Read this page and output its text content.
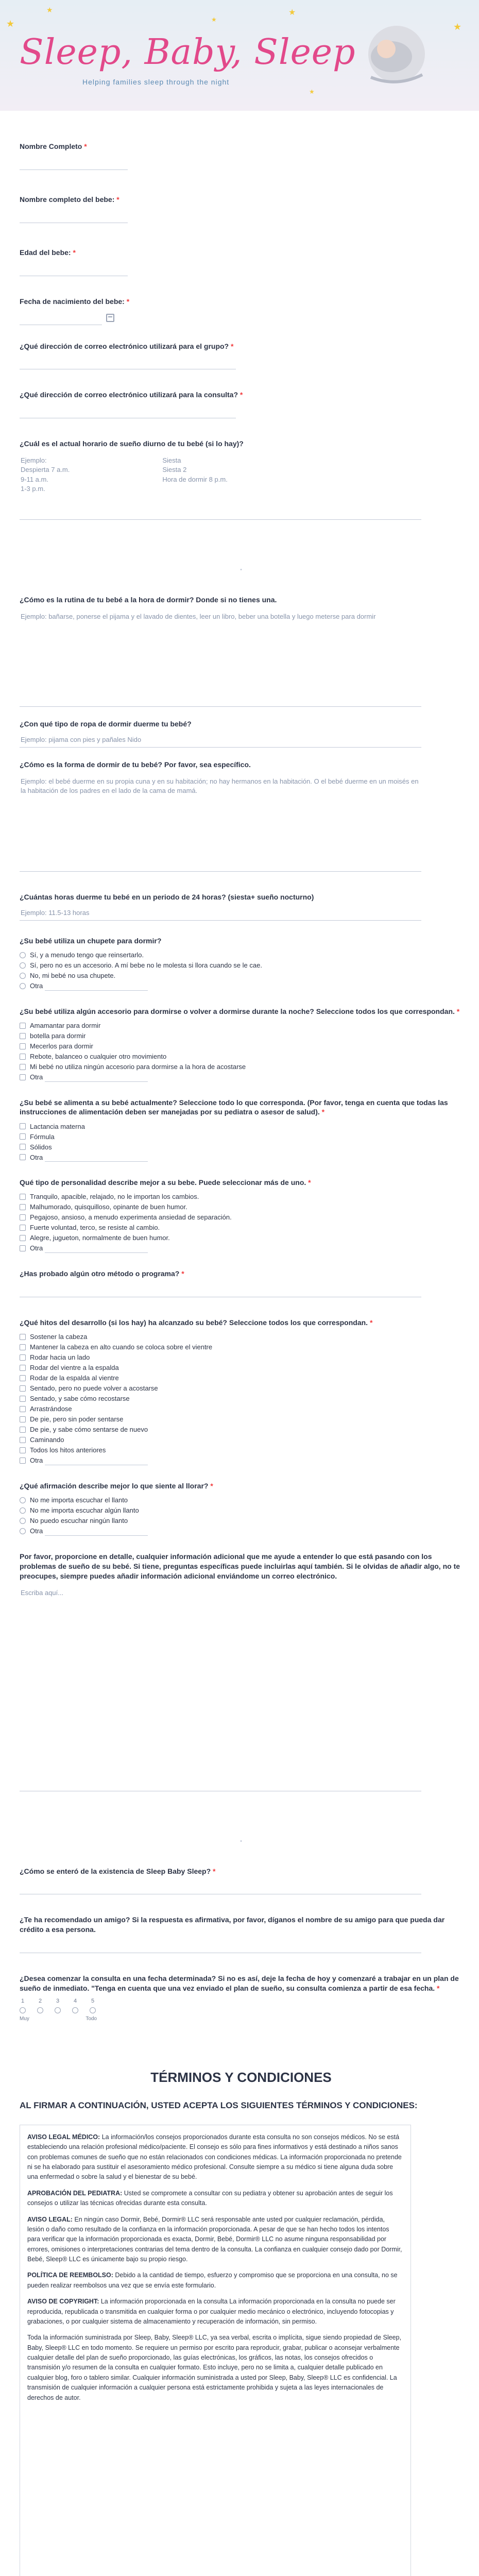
★
★
★
★
★
★
Sleep, Baby, Sleep
Helping families sleep through the night
Nombre Completo *
Nombre completo del bebe: *
Edad del bebe: *
Fecha de nacimiento del bebe: *
¿Qué dirección de correo electrónico utilizará para el grupo? *
¿Qué dirección de correo electrónico utilizará para la consulta? *
¿Cuál es el actual horario de sueño diurno de tu bebé (si lo hay)?
Ejemplo:
Despierta 7 a.m.
9-11 a.m.
1-3 p.m.
Siesta
Siesta 2
Hora de dormir 8 p.m.
•
¿Cómo es la rutina de tu bebé a la hora de dormir? Donde si no tienes una.
Ejemplo: bañarse, ponerse el pijama y el lavado de dientes, leer un libro, beber una botella y luego meterse para dormir
¿Con qué tipo de ropa de dormir duerme tu bebé?
Ejemplo: pijama con pies y pañales Nido
¿Cómo es la forma de dormir de tu bebé? Por favor, sea específico.
Ejemplo: el bebé duerme en su propia cuna y en su habitación; no hay hermanos en la habitación. O el bebé duerme en un moisés en la habitación de los padres en el lado de la cama de mamá.
¿Cuántas horas duerme tu bebé en un periodo de 24 horas? (siesta+ sueño nocturno)
Ejemplo: 11.5-13 horas
¿Su bebé utiliza un chupete para dormir?
Sí, y a menudo tengo que reinsertarlo.
Sí, pero no es un accesorio. A mí bebe no le molesta si llora cuando se le cae.
No, mi bebé no usa chupete.
Otra
¿Su bebé utiliza algún accesorio para dormirse o volver a dormirse durante la noche? Seleccione todos los que correspondan. *
Amamantar para dormir
botella para dormir
Mecerlos para dormir
Rebote, balanceo o cualquier otro movimiento
Mi bebé no utiliza ningún accesorio para dormirse a la hora de acostarse
Otra
¿Su bebé se alimenta a su bebé actualmente? Seleccione todo lo que corresponda. (Por favor, tenga en cuenta que todas las instrucciones de alimentación deben ser manejadas por su pediatra o asesor de salud). *
Lactancia materna
Fórmula
Sólidos
Otra
Qué tipo de personalidad describe mejor a su bebe. Puede seleccionar más de uno. *
Tranquilo, apacible, relajado, no le importan los cambios.
Malhumorado, quisquilloso, opinante de buen humor.
Pegajoso, ansioso, a menudo experimenta ansiedad de separación.
Fuerte voluntad, terco, se resiste al cambio.
Alegre, jugueton, normalmente de buen humor.
Otra
¿Has probado algún otro método o programa? *
¿Qué hitos del desarrollo (si los hay) ha alcanzado su bebé? Seleccione todos los que correspondan. *
Sostener la cabeza
Mantener la cabeza en alto cuando se coloca sobre el vientre
Rodar hacia un lado
Rodar del vientre a la espalda
Rodar de la espalda al vientre
Sentado, pero no puede volver a acostarse
Sentado, y sabe cómo recostarse
Arrastrándose
De pie, pero sin poder sentarse
De pie, y sabe cómo sentarse de nuevo
Caminando
Todos los hitos anteriores
Otra
¿Qué afirmación describe mejor lo que siente al llorar? *
No me importa escuchar el llanto
No me importa escuchar algún llanto
No puedo escuchar ningún llanto
Otra
Por favor, proporcione en detalle, cualquier información adicional que me ayude a entender lo que está pasando con los problemas de sueño de su bebé. Si tiene, preguntas específicas puede incluirlas aquí también. Si le olvidas de añadir algo, no te preocupes, siempre puedes añadir información adicional enviándome un correo electrónico.
Escriba aquí...
•
¿Cómo se enteró de la existencia de Sleep Baby Sleep? *
¿Te ha recomendado un amigo? Si la respuesta es afirmativa, por favor, díganos el nombre de su amigo para que pueda dar crédito a esa persona.
¿Desea comenzar la consulta en una fecha determinada? Si no es así, deje la fecha de hoy y comenzaré a trabajar en un plan de sueño de inmediato. "Tenga en cuenta que una vez enviado el plan de sueño, su consulta comienza a partir de esa fecha. *
1	2	3	4	5
Muy	Todo
TÉRMINOS Y CONDICIONES
AL FIRMAR A CONTINUACIÓN, USTED ACEPTA LOS SIGUIENTES TÉRMINOS Y CONDICIONES:

AVISO LEGAL MÉDICO: La información/los consejos proporcionados durante esta consulta no son consejos médicos. No se está estableciendo una relación profesional médico/paciente. El consejo es sólo para fines informativos y está destinado a niños sanos con problemas comunes de sueño que no están relacionados con condiciones médicas. La información proporcionada no pretende ni se ha elaborado para sustituir el asesoramiento médico profesional. Consulte siempre a su médico si tiene alguna duda sobre una enfermedad o sobre la salud y el bienestar de su bebé.

APROBACIÓN DEL PEDIATRA: Usted se compromete a consultar con su pediatra y obtener su aprobación antes de seguir los consejos o utilizar las técnicas ofrecidas durante esta consulta.

AVISO LEGAL: En ningún caso Dormir, Bebé, Dormir® LLC será responsable ante usted por cualquier reclamación, pérdida, lesión o daño como resultado de la confianza en la información proporcionada. A pesar de que se han hecho todos los intentos para verificar que la información proporcionada es exacta, Dormir, Bebé, Dormir® LLC no asume ninguna responsabilidad por errores, omisiones o interpretaciones contrarias del tema dentro de la consulta. La confianza en cualquier consejo dado por Dormir, Bebé, Sleep® LLC es únicamente bajo su propio riesgo.

POLÍTICA DE REEMBOLSO: Debido a la cantidad de tiempo, esfuerzo y compromiso que se proporciona en una consulta, no se pueden realizar reembolsos una vez que se envía este formulario.

AVISO DE COPYRIGHT: La información proporcionada en la consulta La información proporcionada en la consulta no puede ser reproducida, republicada o transmitida en cualquier forma o por cualquier medio mecánico o electrónico, incluyendo fotocopias y grabaciones, o por cualquier sistema de almacenamiento y recuperación de información, sin permiso.

Toda la información suministrada por Sleep, Baby, Sleep® LLC, ya sea verbal, escrita o implícita, sigue siendo propiedad de Sleep, Baby, Sleep® LLC en todo momento. Se requiere un permiso por escrito para reproducir, grabar, publicar o aconsejar verbalmente cualquier detalle del plan de sueño proporcionado, las guías electrónicas, los gráficos, las notas, los consejos ofrecidos o transmisión y/o resumen de la consulta en cualquier formato. Esto incluye, pero no se limita a, cualquier detalle publicado en cualquier blog, foro o tablero similar. Cualquier información suministrada a usted por Sleep, Baby, Sleep® LLC es confidencial. La transmisión de cualquier información a cualquier persona está estrictamente prohibida y sujeta a las leyes internacionales de derechos de autor.
